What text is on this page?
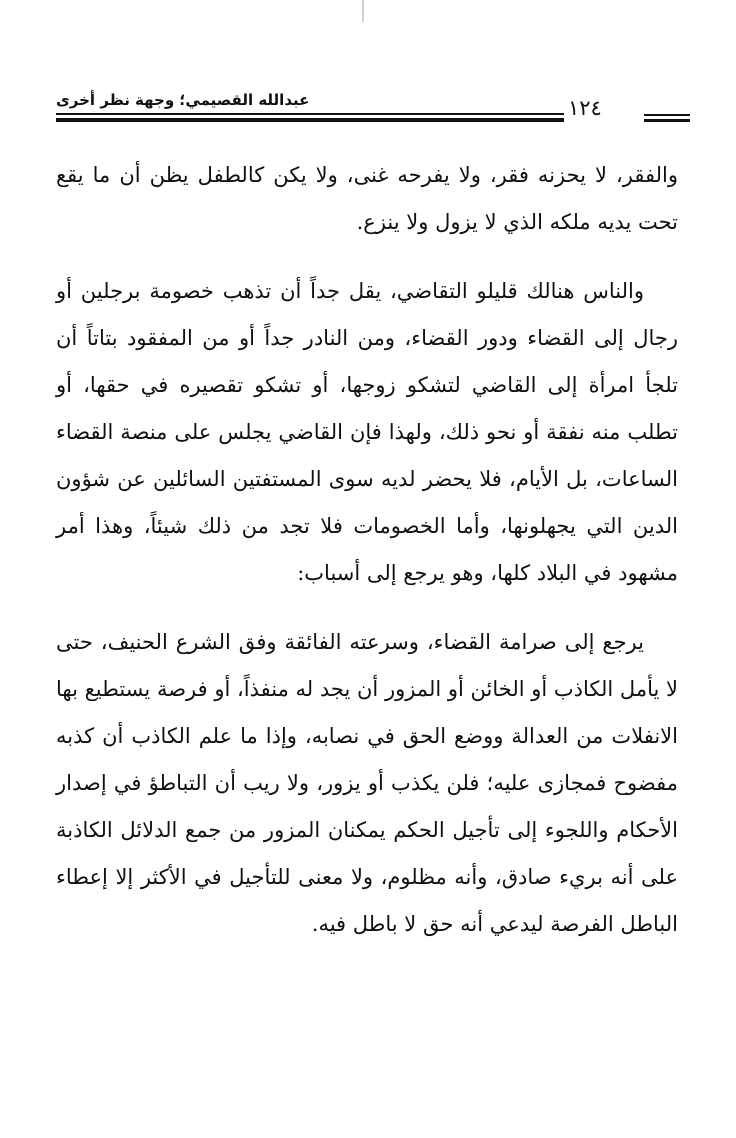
عبدالله القصيمي؛ وجهة نظر أخرى	١٢٤

والفقر، لا يحزنه فقر، ولا يفرحه غنى، ولا يكن كالطفل يظن أن ما يقع تحت يديه ملكه الذي لا يزول ولا ينزع.

والناس هنالك قليلو التقاضي، يقل جداً أن تذهب خصومة برجلين أو رجال إلى القضاء ودور القضاء، ومن النادر جداً أو من المفقود بتاتاً أن تلجأ امرأة إلى القاضي لتشكو زوجها، أو تشكو تقصيره في حقها، أو تطلب منه نفقة أو نحو ذلك، ولهذا فإن القاضي يجلس على منصة القضاء الساعات، بل الأيام، فلا يحضر لديه سوى المستفتين السائلين عن شؤون الدين التي يجهلونها، وأما الخصومات فلا تجد من ذلك شيئاً، وهذا أمر مشهود في البلاد كلها، وهو يرجع إلى أسباب:

يرجع إلى صرامة القضاء، وسرعته الفائقة وفق الشرع الحنيف، حتى لا يأمل الكاذب أو الخائن أو المزور أن يجد له منفذاً، أو فرصة يستطيع بها الانفلات من العدالة ووضع الحق في نصابه، وإذا ما علم الكاذب أن كذبه مفضوح فمجازى عليه؛ فلن يكذب أو يزور، ولا ريب أن التباطؤ في إصدار الأحكام واللجوء إلى تأجيل الحكم يمكنان المزور من جمع الدلائل الكاذبة على أنه بريء صادق، وأنه مظلوم، ولا معنى للتأجيل في الأكثر إلا إعطاء الباطل الفرصة ليدعي أنه حق لا باطل فيه.
